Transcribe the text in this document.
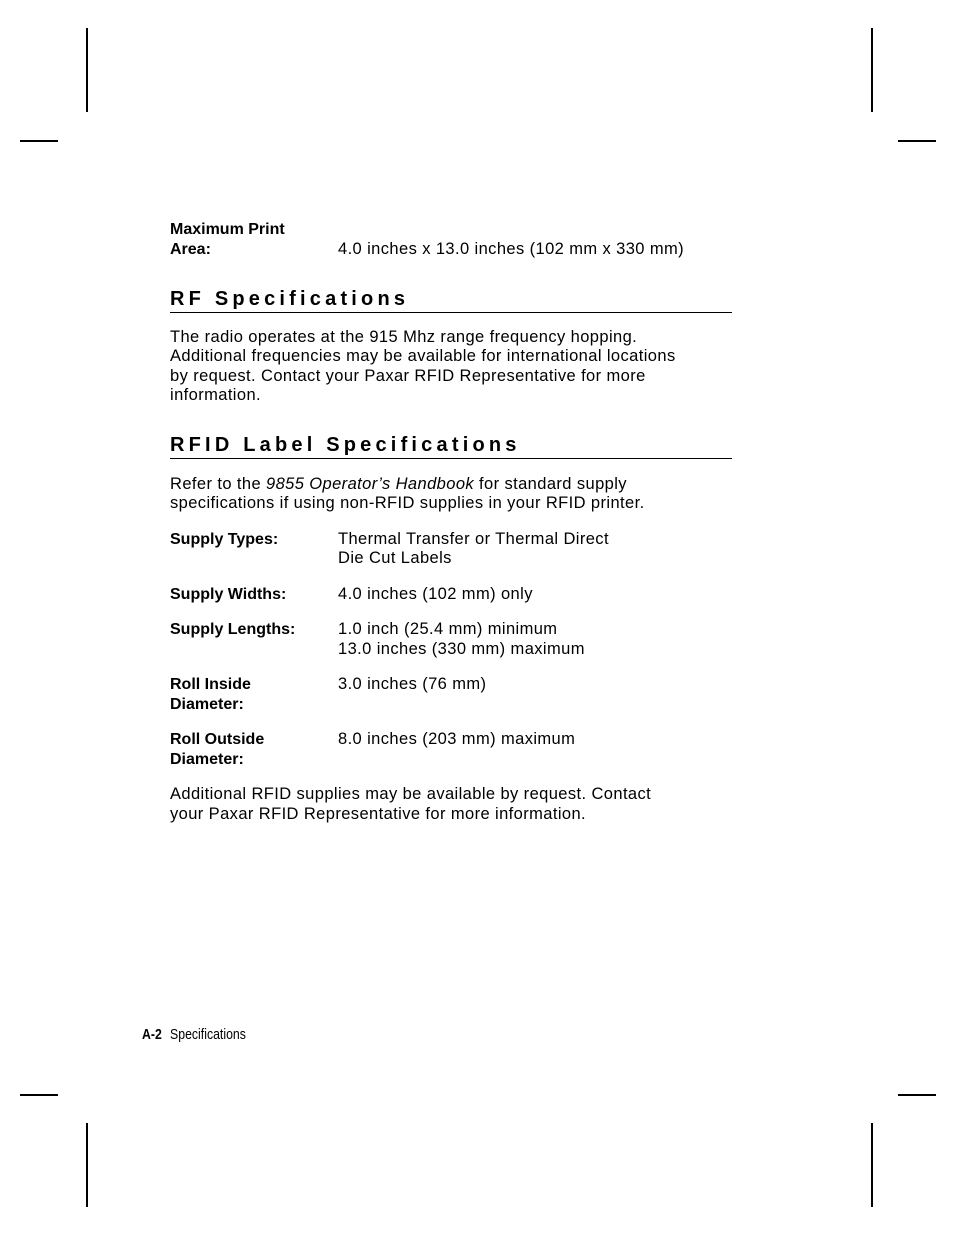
Maximum Print
Area:	4.0 inches x 13.0 inches (102 mm x 330 mm)
RF Specifications
The radio operates at the 915 Mhz range frequency hopping.
Additional frequencies may be available for international locations
by request. Contact your Paxar RFID Representative for more
information.
RFID Label Specifications
Refer to the 9855 Operator’s Handbook for standard supply
specifications if using non-RFID supplies in your RFID printer.
Supply Types:	Thermal Transfer or Thermal Direct
Die Cut Labels
Supply Widths:	4.0 inches (102 mm) only
Supply Lengths:	1.0 inch (25.4 mm) minimum
13.0 inches (330 mm) maximum
Roll Inside
Diameter:
3.0 inches (76 mm)
Roll Outside
Diameter:
8.0 inches (203 mm) maximum
Additional RFID supplies may be available by request. Contact
your Paxar RFID Representative for more information.
A-2 Specifications
